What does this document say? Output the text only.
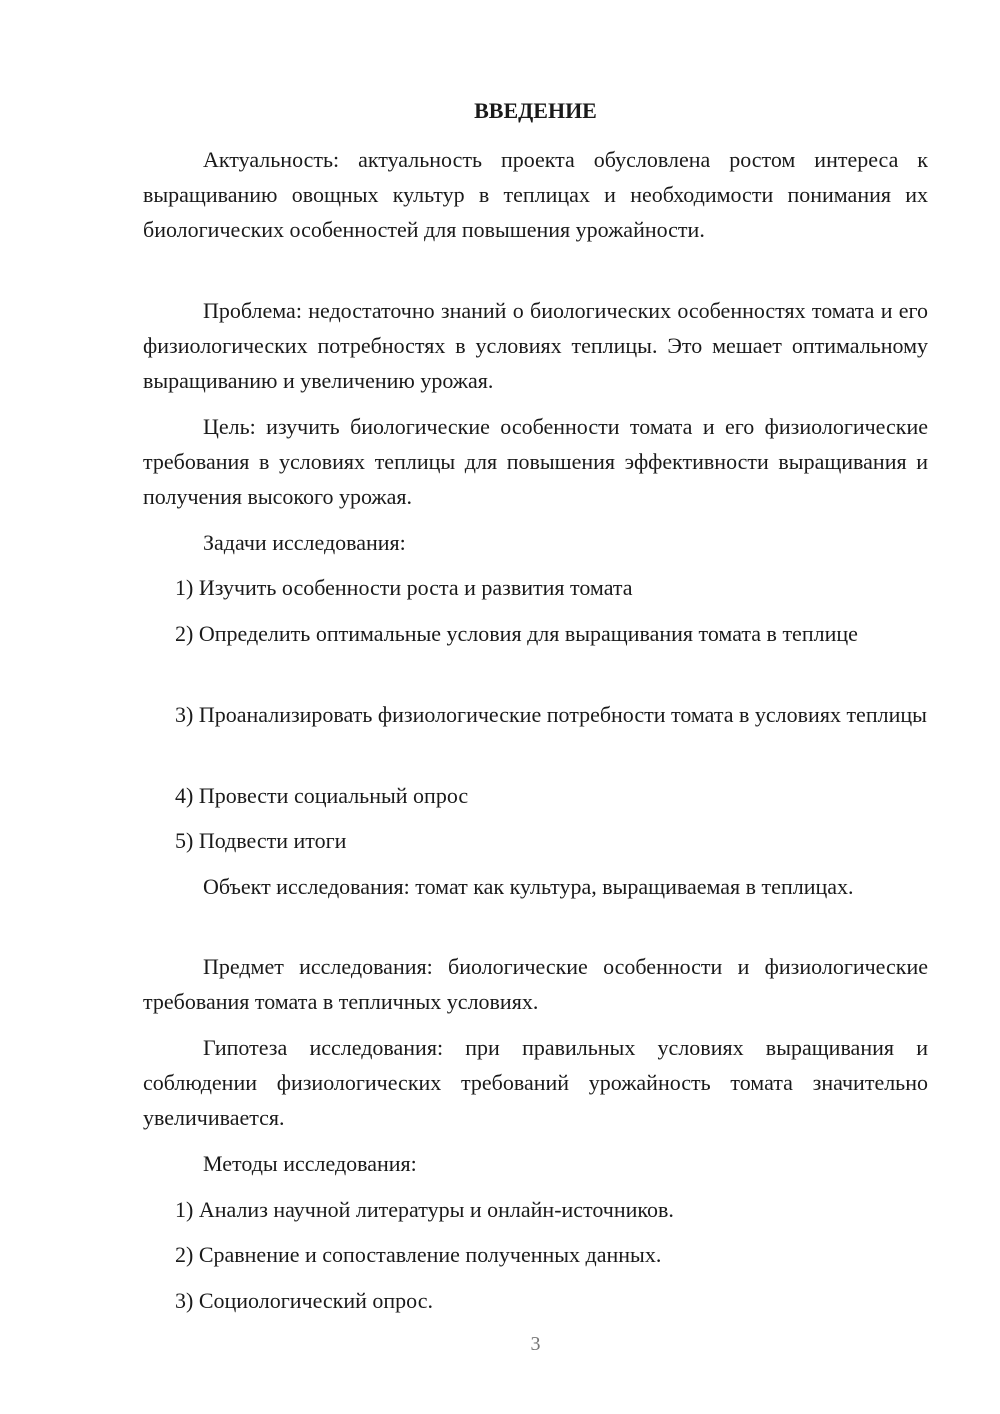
ВВЕДЕНИЕ

Актуальность: актуальность проекта обусловлена ростом интереса к выращиванию овощных культур в теплицах и необходимости понимания их биологических особенностей для повышения урожайности.

Проблема: недостаточно знаний о биологических особенностях томата и его физиологических потребностях в условиях теплицы. Это мешает оптимальному выращиванию и увеличению урожая.

Цель: изучить биологические особенности томата и его физиологические требования в условиях теплицы для повышения эффективности выращивания и получения высокого урожая.

Задачи исследования:

1) Изучить особенности роста и развития томата

2) Определить оптимальные условия для выращивания томата в теплице

3) Проанализировать физиологические потребности томата в условиях теплицы

4) Провести социальный опрос

5) Подвести итоги

Объект исследования: томат как культура, выращиваемая в теплицах.

Предмет исследования: биологические особенности и физиологические требования томата в тепличных условиях.

Гипотеза исследования: при правильных условиях выращивания и соблюдении физиологических требований урожайность томата значительно увеличивается.

Методы исследования:

1) Анализ научной литературы и онлайн-источников.

2) Сравнение и сопоставление полученных данных.

3) Социологический опрос.

3
